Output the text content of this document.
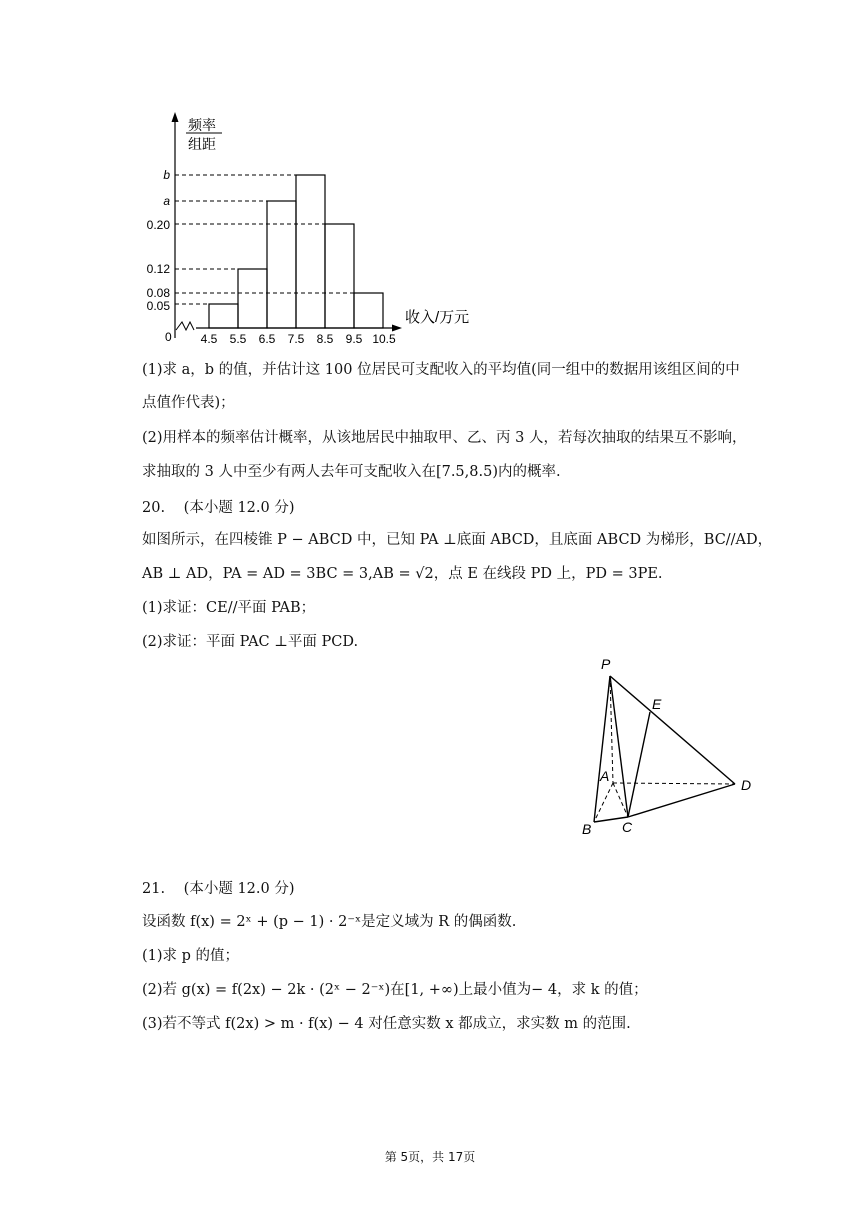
频率
组距
b
a
0.20
0.12
0.08
0.05
0 4.5 5.5 6.5 7.5 8.5 9.5 10.5
收入/万元
(1)求 a，b 的值，并估计这 100 位居民可支配收入的平均值(同一组中的数据用该组区间的中
点值作代表)；
(2)用样本的频率估计概率，从该地居民中抽取甲、乙、丙 3 人，若每次抽取的结果互不影响，
求抽取的 3 人中至少有两人去年可支配收入在[7.5,8.5)内的概率.
20. (本小题 12.0 分)
如图所示，在四棱锥 P − ABCD 中，已知 PA ⊥底面 ABCD，且底面 ABCD 为梯形，BC//AD，
AB ⊥ AD，PA = AD = 3BC = 3,AB = √2，点 E 在线段 PD 上，PD = 3PE.
(1)求证：CE//平面 PAB；
(2)求证：平面 PAC ⊥平面 PCD.
P
E
A
D
B C
21. (本小题 12.0 分)
设函数 f(x) = 2ˣ + (p − 1) · 2⁻ˣ是定义域为 R 的偶函数.
(1)求 p 的值；
(2)若 g(x) = f(2x) − 2k · (2ˣ − 2⁻ˣ)在[1, +∞)上最小值为− 4，求 k 的值；
(3)若不等式 f(2x) > m · f(x) − 4 对任意实数 x 都成立，求实数 m 的范围.
第 5页，共 17页
